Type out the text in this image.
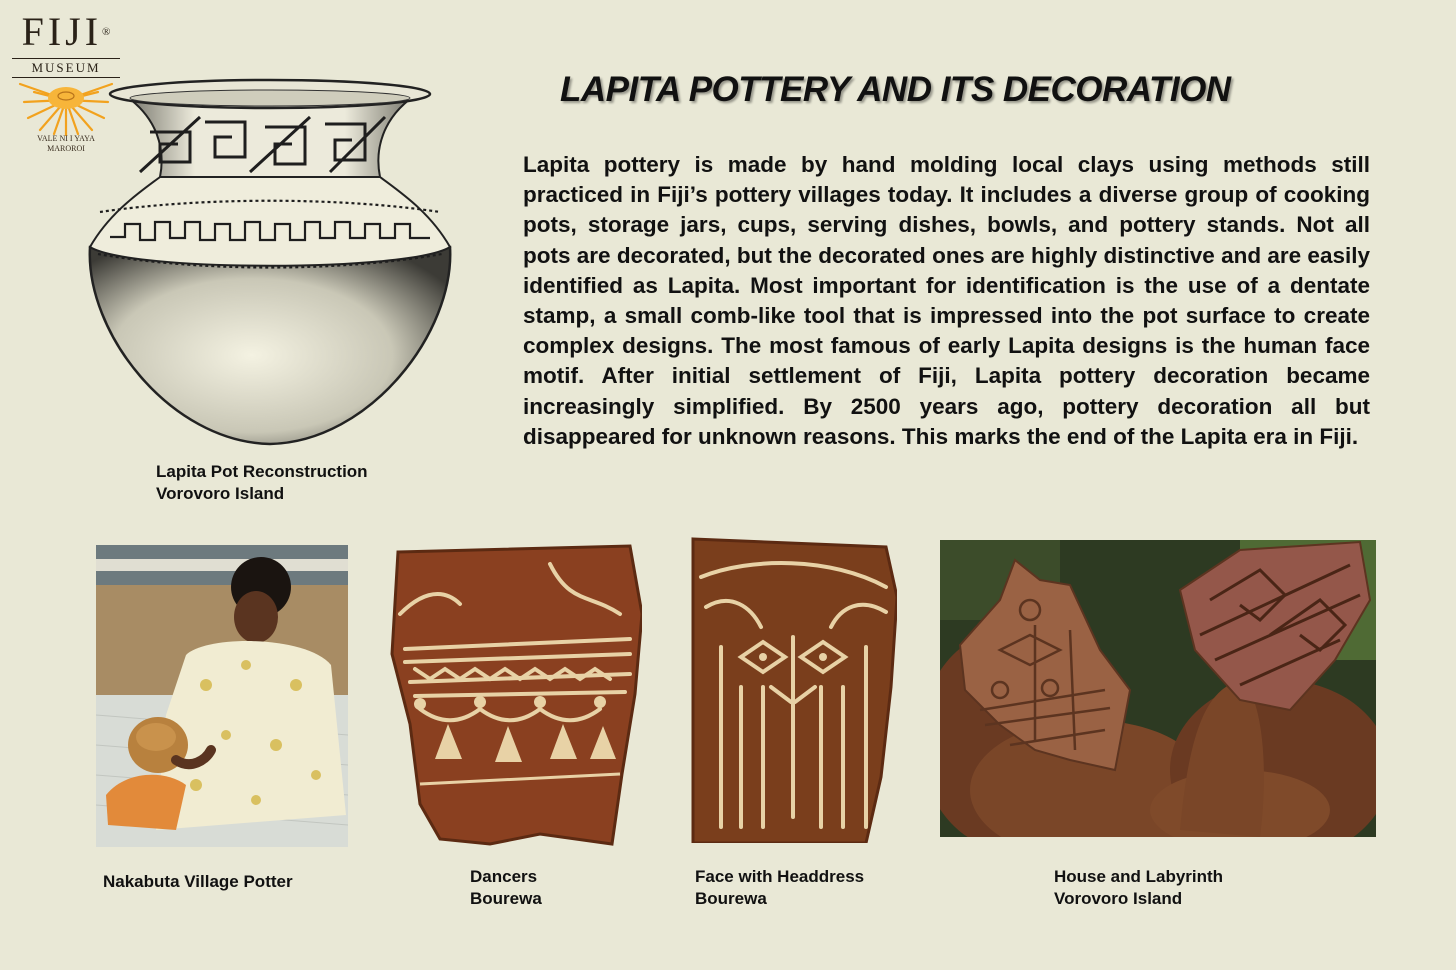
FIJI®
MUSEUM
VALE NI I YAYA
MAROROI
LAPITA POTTERY AND ITS DECORATION
Lapita pottery is made by hand molding local clays using methods still practiced in Fiji’s pottery villages today. It includes a diverse group of cooking pots, storage jars, cups, serving dishes, bowls, and pottery stands. Not all pots are decorated, but the decorated ones are highly distinctive and are easily identified as Lapita. Most important for identification is the use of a dentate stamp, a small comb-like tool that is impressed into the pot surface to create complex designs. The most famous of early Lapita designs is the human face motif. After initial settlement of Fiji, Lapita pottery decoration became increasingly simplified. By 2500 years ago, pottery decoration all but disappeared for unknown reasons. This marks the end of the Lapita era in Fiji.
Lapita Pot Reconstruction
Vorovoro Island
Nakabuta Village Potter	Dancers
Bourewa
Face with Headdress
Bourewa
House and Labyrinth
Vorovoro Island
